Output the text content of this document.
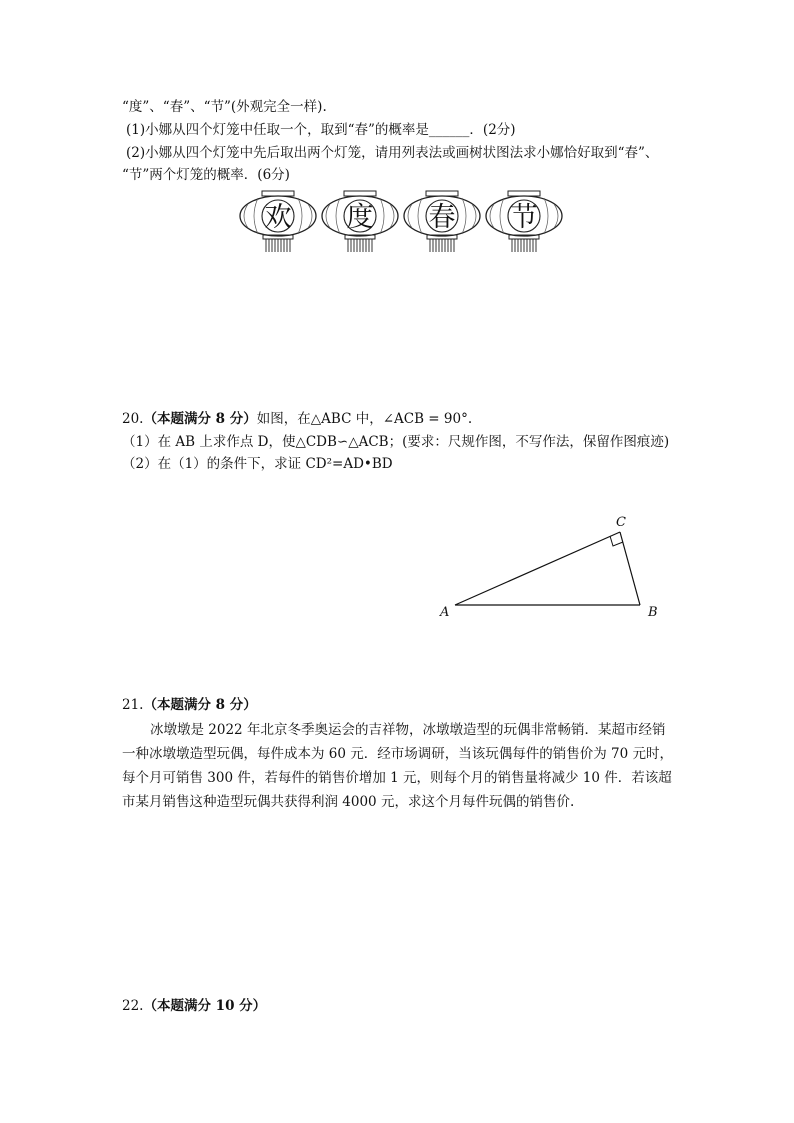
“度”、“春”、“节”(外观完全一样).
(1)小娜从四个灯笼中任取一个，取到“春”的概率是______．(2分)
(2)小娜从四个灯笼中先后取出两个灯笼，请用列表法或画树状图法求小娜恰好取到“春”、
“节”两个灯笼的概率．(6分)
欢 度 春 节
20.（本题满分 8 分）如图，在△ABC 中，∠ACB = 90°.
（1）在 AB 上求作点 D，使△CDB∽△ACB；(要求：尺规作图，不写作法，保留作图痕迹)
（2）在（1）的条件下，求证 CD²=AD•BD
A	B
C
21.（本题满分 8 分）
冰墩墩是 2022 年北京冬季奥运会的吉祥物，冰墩墩造型的玩偶非常畅销．某超市经销
一种冰墩墩造型玩偶，每件成本为 60 元．经市场调研，当该玩偶每件的销售价为 70 元时，
每个月可销售 300 件，若每件的销售价增加 1 元，则每个月的销售量将减少 10 件．若该超
市某月销售这种造型玩偶共获得利润 4000 元，求这个月每件玩偶的销售价.
22.（本题满分 10 分）
